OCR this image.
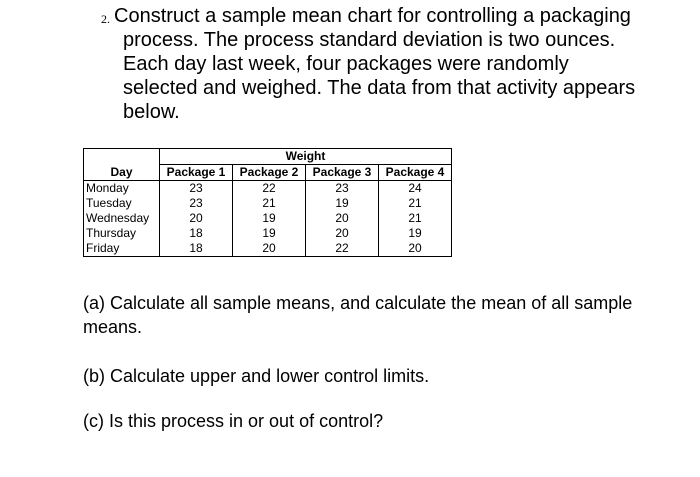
2. Construct a sample mean chart for controlling a packaging process. The process standard deviation is two ounces. Each day last week, four packages were randomly selected and weighed. The data from that activity appears below.
	Weight			
Day	Package 1	Package 2	Package 3	Package 4
Monday	23	22	23	24
Tuesday	23	21	19	21
Wednesday	20	19	20	21
Thursday	18	19	20	19
Friday	18	20	22	20
(a) Calculate all sample means, and calculate the mean of all sample means.
(b) Calculate upper and lower control limits.
(c) Is this process in or out of control?
